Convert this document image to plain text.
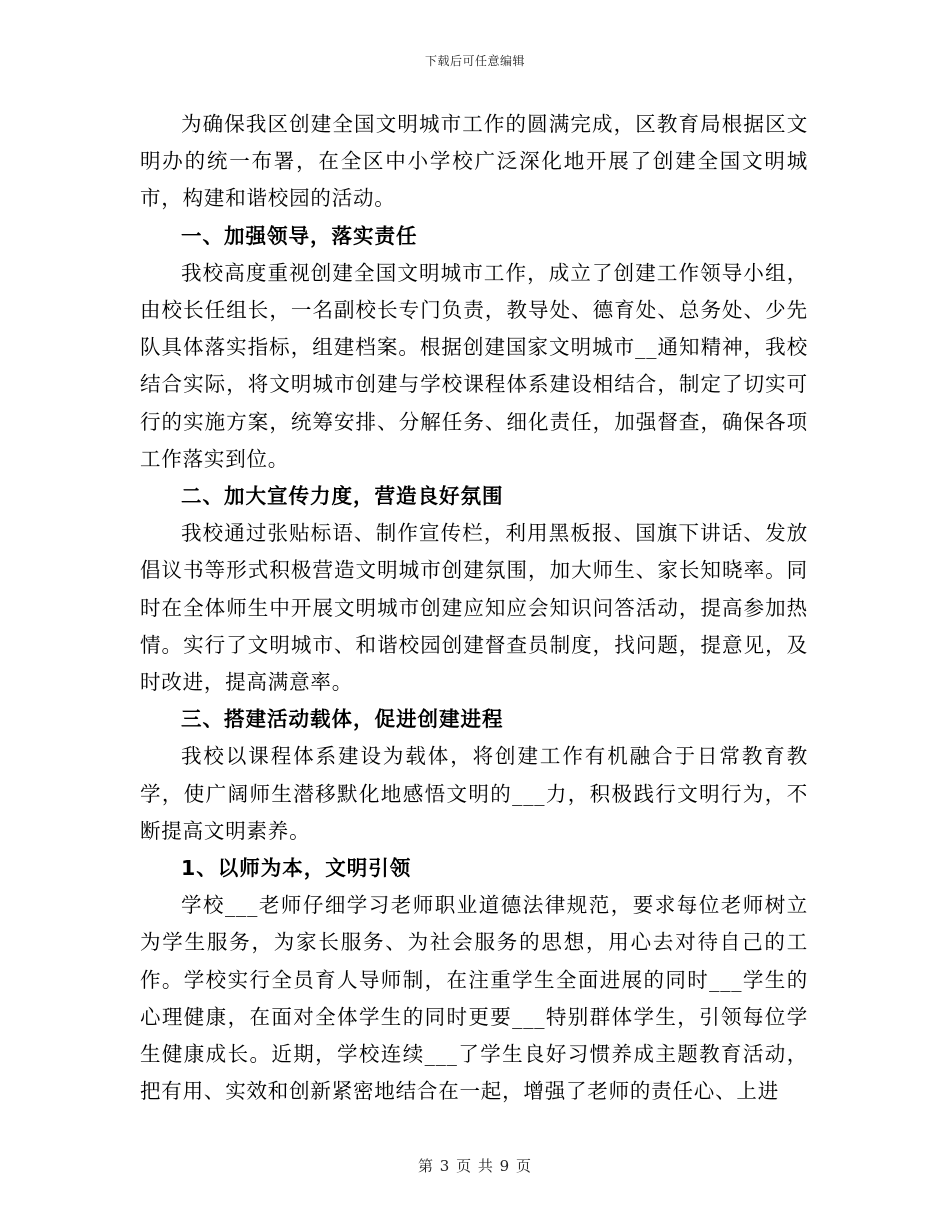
下载后可任意编辑

为确保我区创建全国文明城市工作的圆满完成，区教育局根据区文明办的统一布署，在全区中小学校广泛深化地开展了创建全国文明城市，构建和谐校园的活动。

一、加强领导，落实责任

我校高度重视创建全国文明城市工作，成立了创建工作领导小组，由校长任组长，一名副校长专门负责，教导处、德育处、总务处、少先队具体落实指标，组建档案。根据创建国家文明城市__通知精神，我校结合实际，将文明城市创建与学校课程体系建设相结合，制定了切实可行的实施方案，统筹安排、分解任务、细化责任，加强督查，确保各项工作落实到位。

二、加大宣传力度，营造良好氛围

我校通过张贴标语、制作宣传栏，利用黑板报、国旗下讲话、发放倡议书等形式积极营造文明城市创建氛围，加大师生、家长知晓率。同时在全体师生中开展文明城市创建应知应会知识问答活动，提高参加热情。实行了文明城市、和谐校园创建督查员制度，找问题，提意见，及时改进，提高满意率。

三、搭建活动载体，促进创建进程

我校以课程体系建设为载体，将创建工作有机融合于日常教育教学，使广阔师生潜移默化地感悟文明的___力，积极践行文明行为，不断提高文明素养。

1、以师为本，文明引领

学校___老师仔细学习老师职业道德法律规范，要求每位老师树立为学生服务，为家长服务、为社会服务的思想，用心去对待自己的工作。学校实行全员育人导师制，在注重学生全面进展的同时___学生的心理健康，在面对全体学生的同时更要___特别群体学生，引领每位学生健康成长。近期，学校连续___了学生良好习惯养成主题教育活动，把有用、实效和创新紧密地结合在一起，增强了老师的责任心、上进

第 3 页 共 9 页
